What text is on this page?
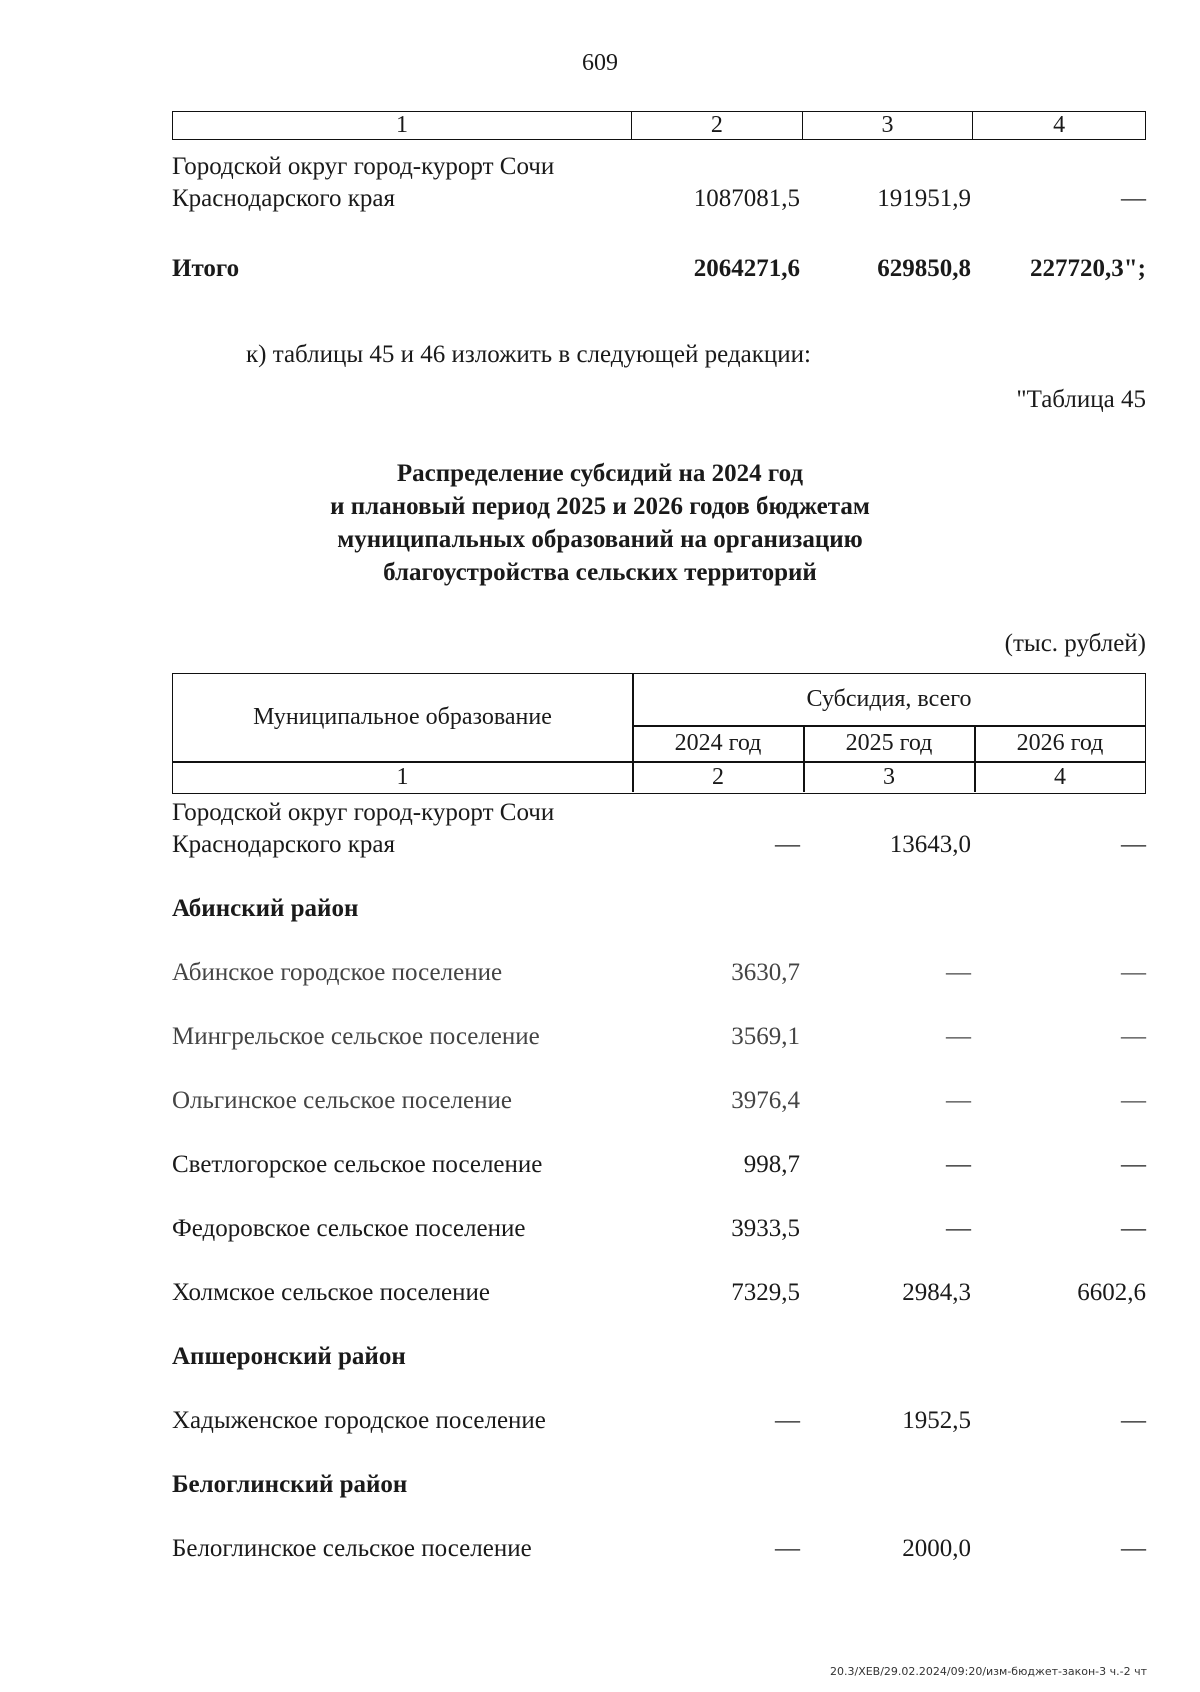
609
1	2	3	4
Городской округ город-курорт Сочи
Краснодарского края	1087081,5	191951,9	—
Итого	2064271,6	629850,8	227720,3";
к) таблицы 45 и 46 изложить в следующей редакции:
"Таблица 45
Распределение субсидий на 2024 год
и плановый период 2025 и 2026 годов бюджетам
муниципальных образований на организацию
благоустройства сельских территорий
(тыс. рублей)
Муниципальное образование
Субсидия, всего
2024 год	2025 год	2026 год
1	2	3	4
Городской округ город-курорт Сочи
Краснодарского края	—	13643,0	—
Абинский район
Абинское городское поселение	3630,7	—	—
Мингрельское сельское поселение	3569,1	—	—
Ольгинское сельское поселение	3976,4	—	—
Светлогорское сельское поселение	998,7	—	—
Федоровское сельское поселение	3933,5	—	—
Холмское сельское поселение	7329,5	2984,3	6602,6
Апшеронский район
Хадыженское городское поселение	—	1952,5	—
Белоглинский район
Белоглинское сельское поселение	—	2000,0	—
20.3/ХЕВ/29.02.2024/09:20/изм-бюджет-закон-3 ч.-2 чт
